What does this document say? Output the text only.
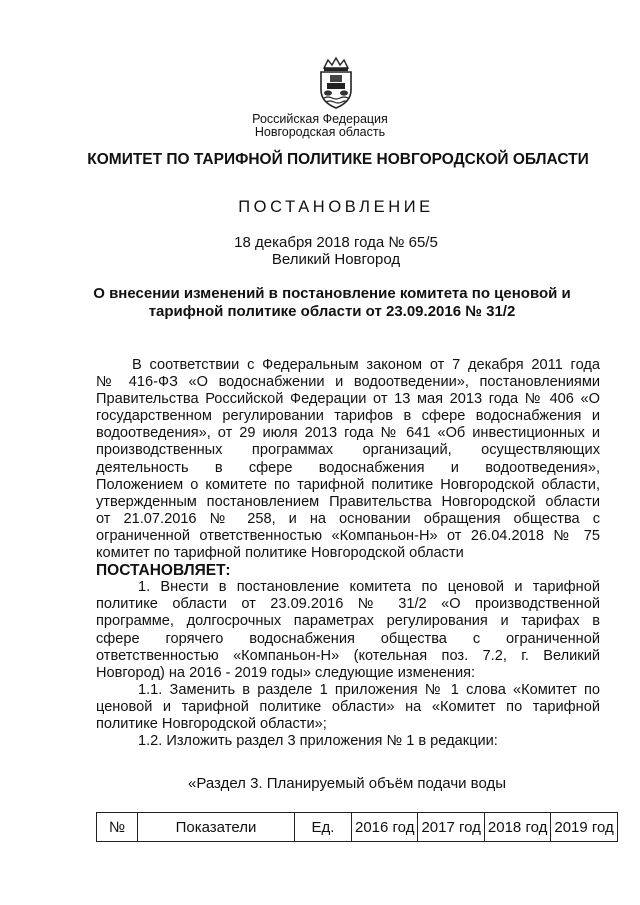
Российская Федерация
Новгородская область
КОМИТЕТ ПО ТАРИФНОЙ ПОЛИТИКЕ НОВГОРОДСКОЙ ОБЛАСТИ
ПОСТАНОВЛЕНИЕ
18 декабря 2018 года № 65/5
Великий Новгород
О внесении изменений в постановление комитета по ценовой и
тарифной политике области от 23.09.2016 № 31/2
В соответствии с Федеральным законом от 7 декабря 2011 года
№ 416-ФЗ «О водоснабжении и водоотведении», постановлениями
Правительства Российской Федерации от 13 мая 2013 года № 406 «О
государственном регулировании тарифов в сфере водоснабжения и
водоотведения», от 29 июля 2013 года № 641 «Об инвестиционных и
производственных программах организаций, осуществляющих
деятельность в сфере водоснабжения и водоотведения»,
Положением о комитете по тарифной политике Новгородской области,
утвержденным постановлением Правительства Новгородской области
от 21.07.2016 № 258, и на основании обращения общества с
ограниченной ответственностью «Компаньон-Н» от 26.04.2018 № 75
комитет по тарифной политике Новгородской области
ПОСТАНОВЛЯЕТ:
1. Внести в постановление комитета по ценовой и тарифной
политике области от 23.09.2016 № 31/2 «О производственной
программе, долгосрочных параметрах регулирования и тарифах в
сфере горячего водоснабжения общества с ограниченной
ответственностью «Компаньон-Н» (котельная поз. 7.2, г. Великий
Новгород) на 2016 - 2019 годы» следующие изменения:
1.1. Заменить в разделе 1 приложения № 1 слова «Комитет по
ценовой и тарифной политике области» на «Комитет по тарифной
политике Новгородской области»;
1.2. Изложить раздел 3 приложения № 1 в редакции:
«Раздел 3. Планируемый объём подачи воды
№	Показатели	Ед.	2016 год	2017 год	2018 год	2019 год
